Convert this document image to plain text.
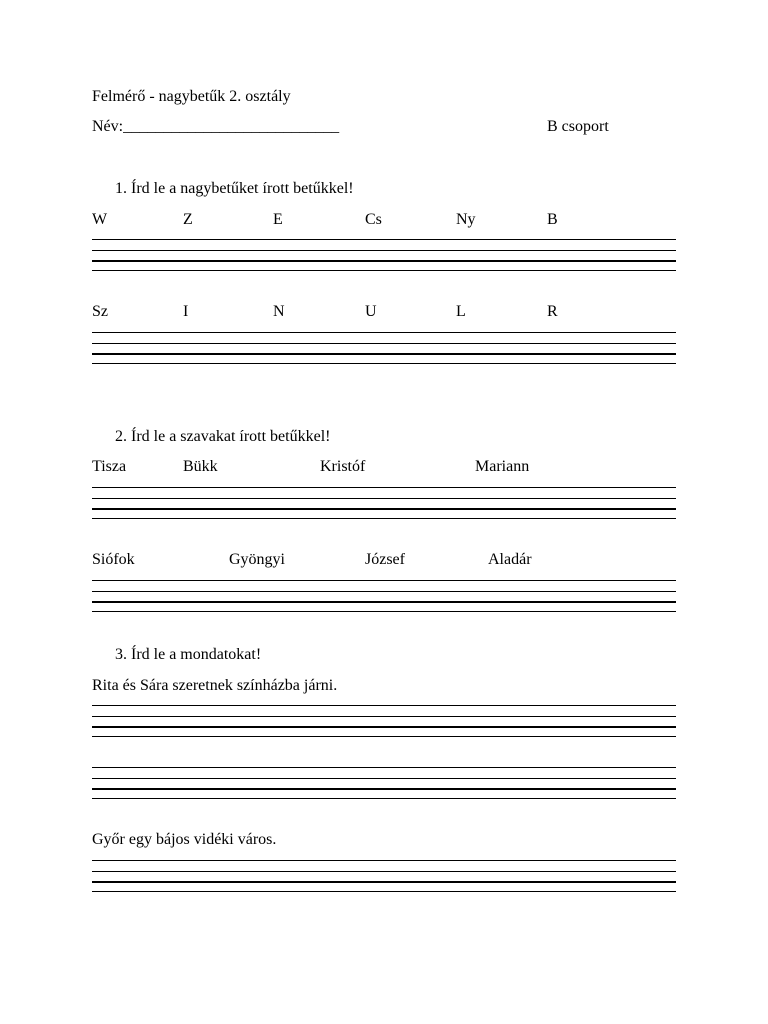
Felmérő - nagybetűk 2. osztály
Név:___________________________	B csoport
1. Írd le a nagybetűket írott betűkkel!
W	Z	E	Cs	Ny	B
Sz	I	N	U	L	R
2. Írd le a szavakat írott betűkkel!
Tisza	Bükk	Kristóf	Mariann
Siófok	Gyöngyi	József	Aladár
3. Írd le a mondatokat!
Rita és Sára szeretnek színházba járni.
Győr egy bájos vidéki város.
